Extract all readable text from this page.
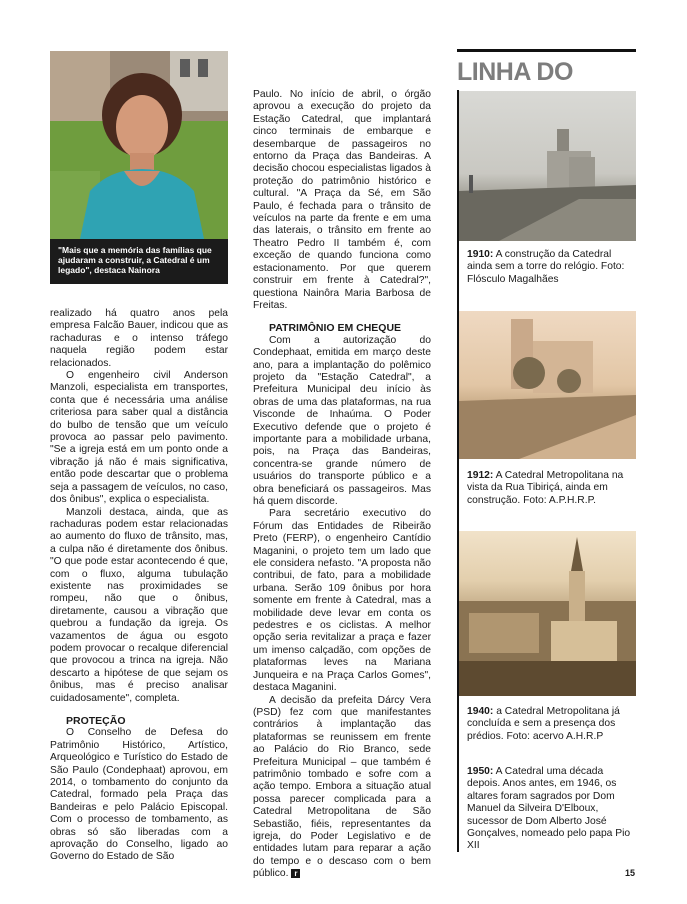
"Mais que a memória das famílias que ajudaram a construir, a Catedral é um legado", destaca Nainora

realizado há quatro anos pela empresa Falcão Bauer, indicou que as rachaduras e o intenso tráfego naquela região podem estar relacionados.

O engenheiro civil Anderson Manzoli, especialista em transportes, conta que é necessária uma análise criteriosa para saber qual a distância do bulbo de tensão que um veículo provoca ao passar pelo pavimento. "Se a igreja está em um ponto onde a vibração já não é mais significativa, então pode descartar que o problema seja a passagem de veículos, no caso, dos ônibus", explica o especialista.

Manzoli destaca, ainda, que as rachaduras podem estar relacionadas ao aumento do fluxo de trânsito, mas, a culpa não é diretamente dos ônibus. "O que pode estar acontecendo é que, com o fluxo, alguma tubulação existente nas proximidades se rompeu, não que o ônibus, diretamente, causou a vibração que quebrou a fundação da igreja. Os vazamentos de água ou esgoto podem provocar o recalque diferencial que provocou a trinca na igreja. Não descarto a hipótese de que sejam os ônibus, mas é preciso analisar cuidadosamente", completa.

PROTEÇÃO

O Conselho de Defesa do Patrimônio Histórico, Artístico, Arqueológico e Turístico do Estado de São Paulo (Condephaat) aprovou, em 2014, o tombamento do conjunto da Catedral, formado pela Praça das Bandeiras e pelo Palácio Episcopal. Com o processo de tombamento, as obras só são liberadas com a aprovação do Conselho, ligado ao Governo do Estado de São

Paulo. No início de abril, o órgão aprovou a execução do projeto da Estação Catedral, que implantará cinco terminais de embarque e desembarque de passageiros no entorno da Praça das Bandeiras. A decisão chocou especialistas ligados à proteção do patrimônio histórico e cultural. "A Praça da Sé, em São Paulo, é fechada para o trânsito de veículos na parte da frente e em uma das laterais, o trânsito em frente ao Theatro Pedro II também é, com exceção de quando funciona como estacionamento. Por que querem construir em frente à Catedral?", questiona Nainôra Maria Barbosa de Freitas.

PATRIMÔNIO EM CHEQUE

Com a autorização do Condephaat, emitida em março deste ano, para a implantação do polêmico projeto da "Estação Catedral", a Prefeitura Municipal deu início às obras de uma das plataformas, na rua Visconde de Inhaúma. O Poder Executivo defende que o projeto é importante para a mobilidade urbana, pois, na Praça das Bandeiras, concentra-se grande número de usuários do transporte público e a obra beneficiará os passageiros. Mas há quem discorde.

Para secretário executivo do Fórum das Entidades de Ribeirão Preto (FERP), o engenheiro Cantídio Maganini, o projeto tem um lado que ele considera nefasto. "A proposta não contribui, de fato, para a mobilidade urbana. Serão 109 ônibus por hora somente em frente à Catedral, mas a mobilidade deve levar em conta os pedestres e os ciclistas. A melhor opção seria revitalizar a praça e fazer um imenso calçadão, com opções de plataformas leves na Mariana Junqueira e na Praça Carlos Gomes", destaca Maganini.

A decisão da prefeita Dárcy Vera (PSD) fez com que manifestantes contrários à implantação das plataformas se reunissem em frente ao Palácio do Rio Branco, sede Prefeitura Municipal – que também é patrimônio tombado e sofre com a ação tempo. Embora a situação atual possa parecer complicada para a Catedral Metropolitana de São Sebastião, fiéis, representantes da igreja, do Poder Legislativo e de entidades lutam para reparar a ação do tempo e o descaso com o bem público. r

LINHA DO
1910: A construção da Catedral ainda sem a torre do relógio. Foto: Flósculo Magalhães
1912: A Catedral Metropolitana na vista da Rua Tibiriçá, ainda em construção. Foto: A.P.H.R.P.
1940: a Catedral Metropolitana já concluída e sem a presença dos prédios. Foto: acervo A.H.R.P
1950: A Catedral uma década depois. Anos antes, em 1946, os altares foram sagrados por Dom Manuel da Silveira D'Elboux, sucessor de Dom Alberto José Gonçalves, nomeado pelo papa Pio XII
15
